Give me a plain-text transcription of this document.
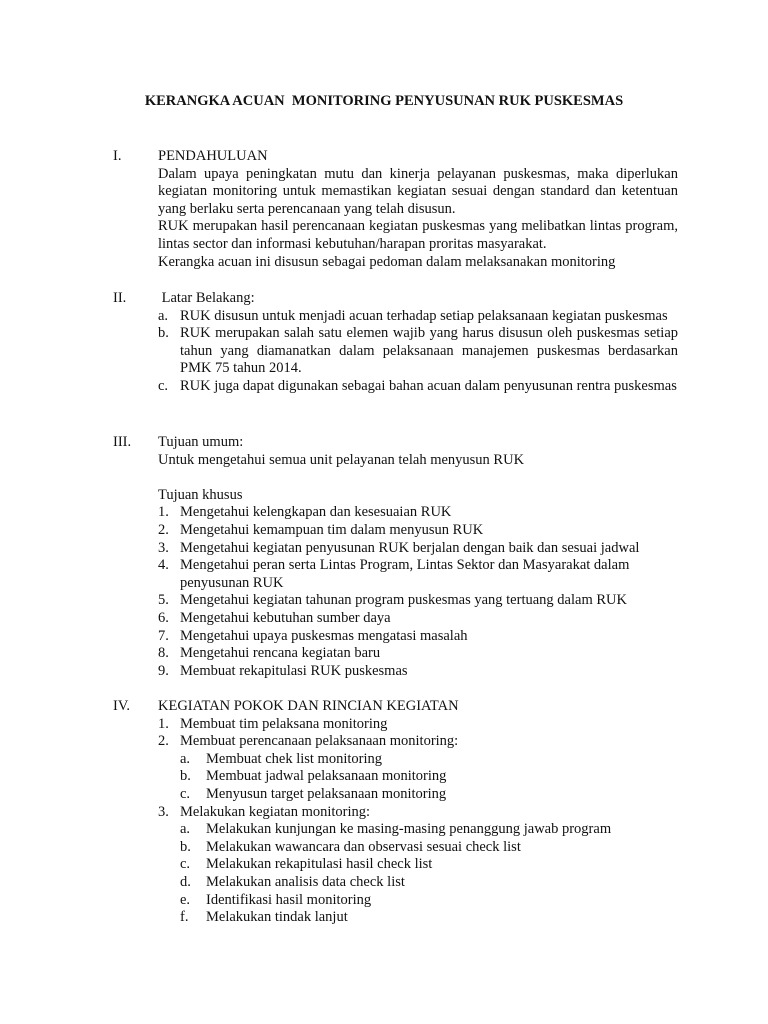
KERANGKA ACUAN  MONITORING PENYUSUNAN RUK PUSKESMAS
I.	PENDAHULUAN
Dalam upaya peningkatan mutu dan kinerja pelayanan puskesmas, maka diperlukan kegiatan monitoring untuk memastikan kegiatan sesuai dengan standard dan ketentuan yang berlaku serta perencanaan yang telah disusun.
RUK merupakan hasil perencanaan kegiatan puskesmas yang melibatkan lintas program, lintas sector dan informasi kebutuhan/harapan proritas masyarakat.
Kerangka acuan ini disusun sebagai pedoman dalam melaksanakan monitoring
II. Latar Belakang:
a. RUK disusun untuk menjadi acuan terhadap setiap pelaksanaan kegiatan puskesmas
b. RUK merupakan salah satu elemen wajib yang harus disusun oleh puskesmas setiap tahun yang diamanatkan dalam pelaksanaan manajemen puskesmas berdasarkan PMK 75 tahun 2014.
c. RUK juga dapat digunakan sebagai bahan acuan dalam penyusunan rentra puskesmas
III. Tujuan umum:
Untuk mengetahui semua unit pelayanan telah menyusun RUK
Tujuan khusus
1. Mengetahui kelengkapan dan kesesuaian RUK
2. Mengetahui kemampuan tim dalam menyusun RUK
3. Mengetahui kegiatan penyusunan RUK berjalan dengan baik dan sesuai jadwal
4. Mengetahui peran serta Lintas Program, Lintas Sektor dan Masyarakat dalam penyusunan RUK
5. Mengetahui kegiatan tahunan program puskesmas yang tertuang dalam RUK
6. Mengetahui kebutuhan sumber daya
7. Mengetahui upaya puskesmas mengatasi masalah
8. Mengetahui rencana kegiatan baru
9. Membuat rekapitulasi RUK puskesmas
IV. KEGIATAN POKOK DAN RINCIAN KEGIATAN
1. Membuat tim pelaksana monitoring
2. Membuat perencanaan pelaksanaan monitoring:
a. Membuat chek list monitoring
b. Membuat jadwal pelaksanaan monitoring
c. Menyusun target pelaksanaan monitoring
3. Melakukan kegiatan monitoring:
a. Melakukan kunjungan ke masing-masing penanggung jawab program
b. Melakukan wawancara dan observasi sesuai check list
c. Melakukan rekapitulasi hasil check list
d. Melakukan analisis data check list
e. Identifikasi hasil monitoring
f. Melakukan tindak lanjut
